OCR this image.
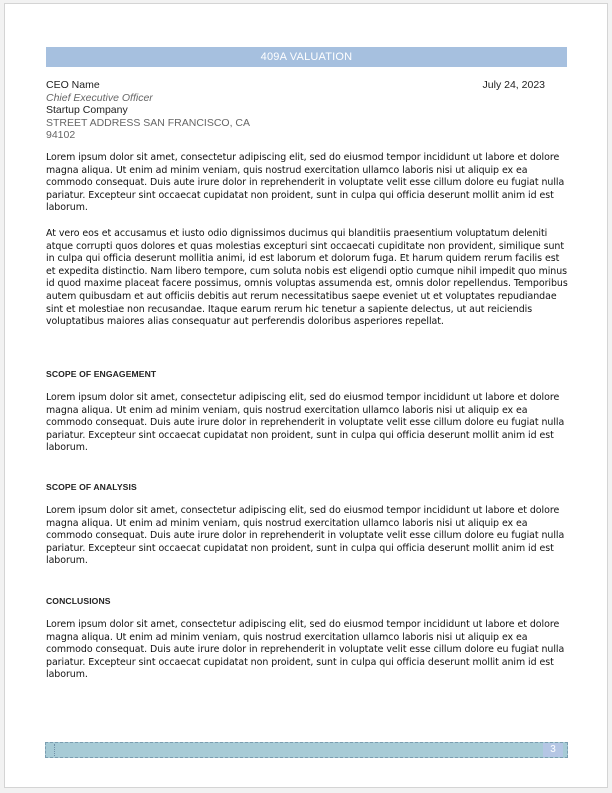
409A VALUATION
CEO Name
Chief Executive Officer
Startup Company
STREET ADDRESS SAN FRANCISCO, CA
94102
July 24, 2023

Lorem ipsum dolor sit amet, consectetur adipiscing elit, sed do eiusmod tempor incididunt ut labore et dolore magna aliqua. Ut enim ad minim veniam, quis nostrud exercitation ullamco laboris nisi ut aliquip ex ea commodo consequat. Duis aute irure dolor in reprehenderit in voluptate velit esse cillum dolore eu fugiat nulla pariatur. Excepteur sint occaecat cupidatat non proident, sunt in culpa qui officia deserunt mollit anim id est laborum.

At vero eos et accusamus et iusto odio dignissimos ducimus qui blanditiis praesentium voluptatum deleniti atque corrupti quos dolores et quas molestias excepturi sint occaecati cupiditate non provident, similique sunt in culpa qui officia deserunt mollitia animi, id est laborum et dolorum fuga. Et harum quidem rerum facilis est et expedita distinctio. Nam libero tempore, cum soluta nobis est eligendi optio cumque nihil impedit quo minus id quod maxime placeat facere possimus, omnis voluptas assumenda est, omnis dolor repellendus. Temporibus autem quibusdam et aut officiis debitis aut rerum necessitatibus saepe eveniet ut et voluptates repudiandae sint et molestiae non recusandae. Itaque earum rerum hic tenetur a sapiente delectus, ut aut reiciendis voluptatibus maiores alias consequatur aut perferendis doloribus asperiores repellat.

SCOPE OF ENGAGEMENT

Lorem ipsum dolor sit amet, consectetur adipiscing elit, sed do eiusmod tempor incididunt ut labore et dolore magna aliqua. Ut enim ad minim veniam, quis nostrud exercitation ullamco laboris nisi ut aliquip ex ea commodo consequat. Duis aute irure dolor in reprehenderit in voluptate velit esse cillum dolore eu fugiat nulla pariatur. Excepteur sint occaecat cupidatat non proident, sunt in culpa qui officia deserunt mollit anim id est laborum.

SCOPE OF ANALYSIS

Lorem ipsum dolor sit amet, consectetur adipiscing elit, sed do eiusmod tempor incididunt ut labore et dolore magna aliqua. Ut enim ad minim veniam, quis nostrud exercitation ullamco laboris nisi ut aliquip ex ea commodo consequat. Duis aute irure dolor in reprehenderit in voluptate velit esse cillum dolore eu fugiat nulla pariatur. Excepteur sint occaecat cupidatat non proident, sunt in culpa qui officia deserunt mollit anim id est laborum.

CONCLUSIONS

Lorem ipsum dolor sit amet, consectetur adipiscing elit, sed do eiusmod tempor incididunt ut labore et dolore magna aliqua. Ut enim ad minim veniam, quis nostrud exercitation ullamco laboris nisi ut aliquip ex ea commodo consequat. Duis aute irure dolor in reprehenderit in voluptate velit esse cillum dolore eu fugiat nulla pariatur. Excepteur sint occaecat cupidatat non proident, sunt in culpa qui officia deserunt mollit anim id est laborum.

3
